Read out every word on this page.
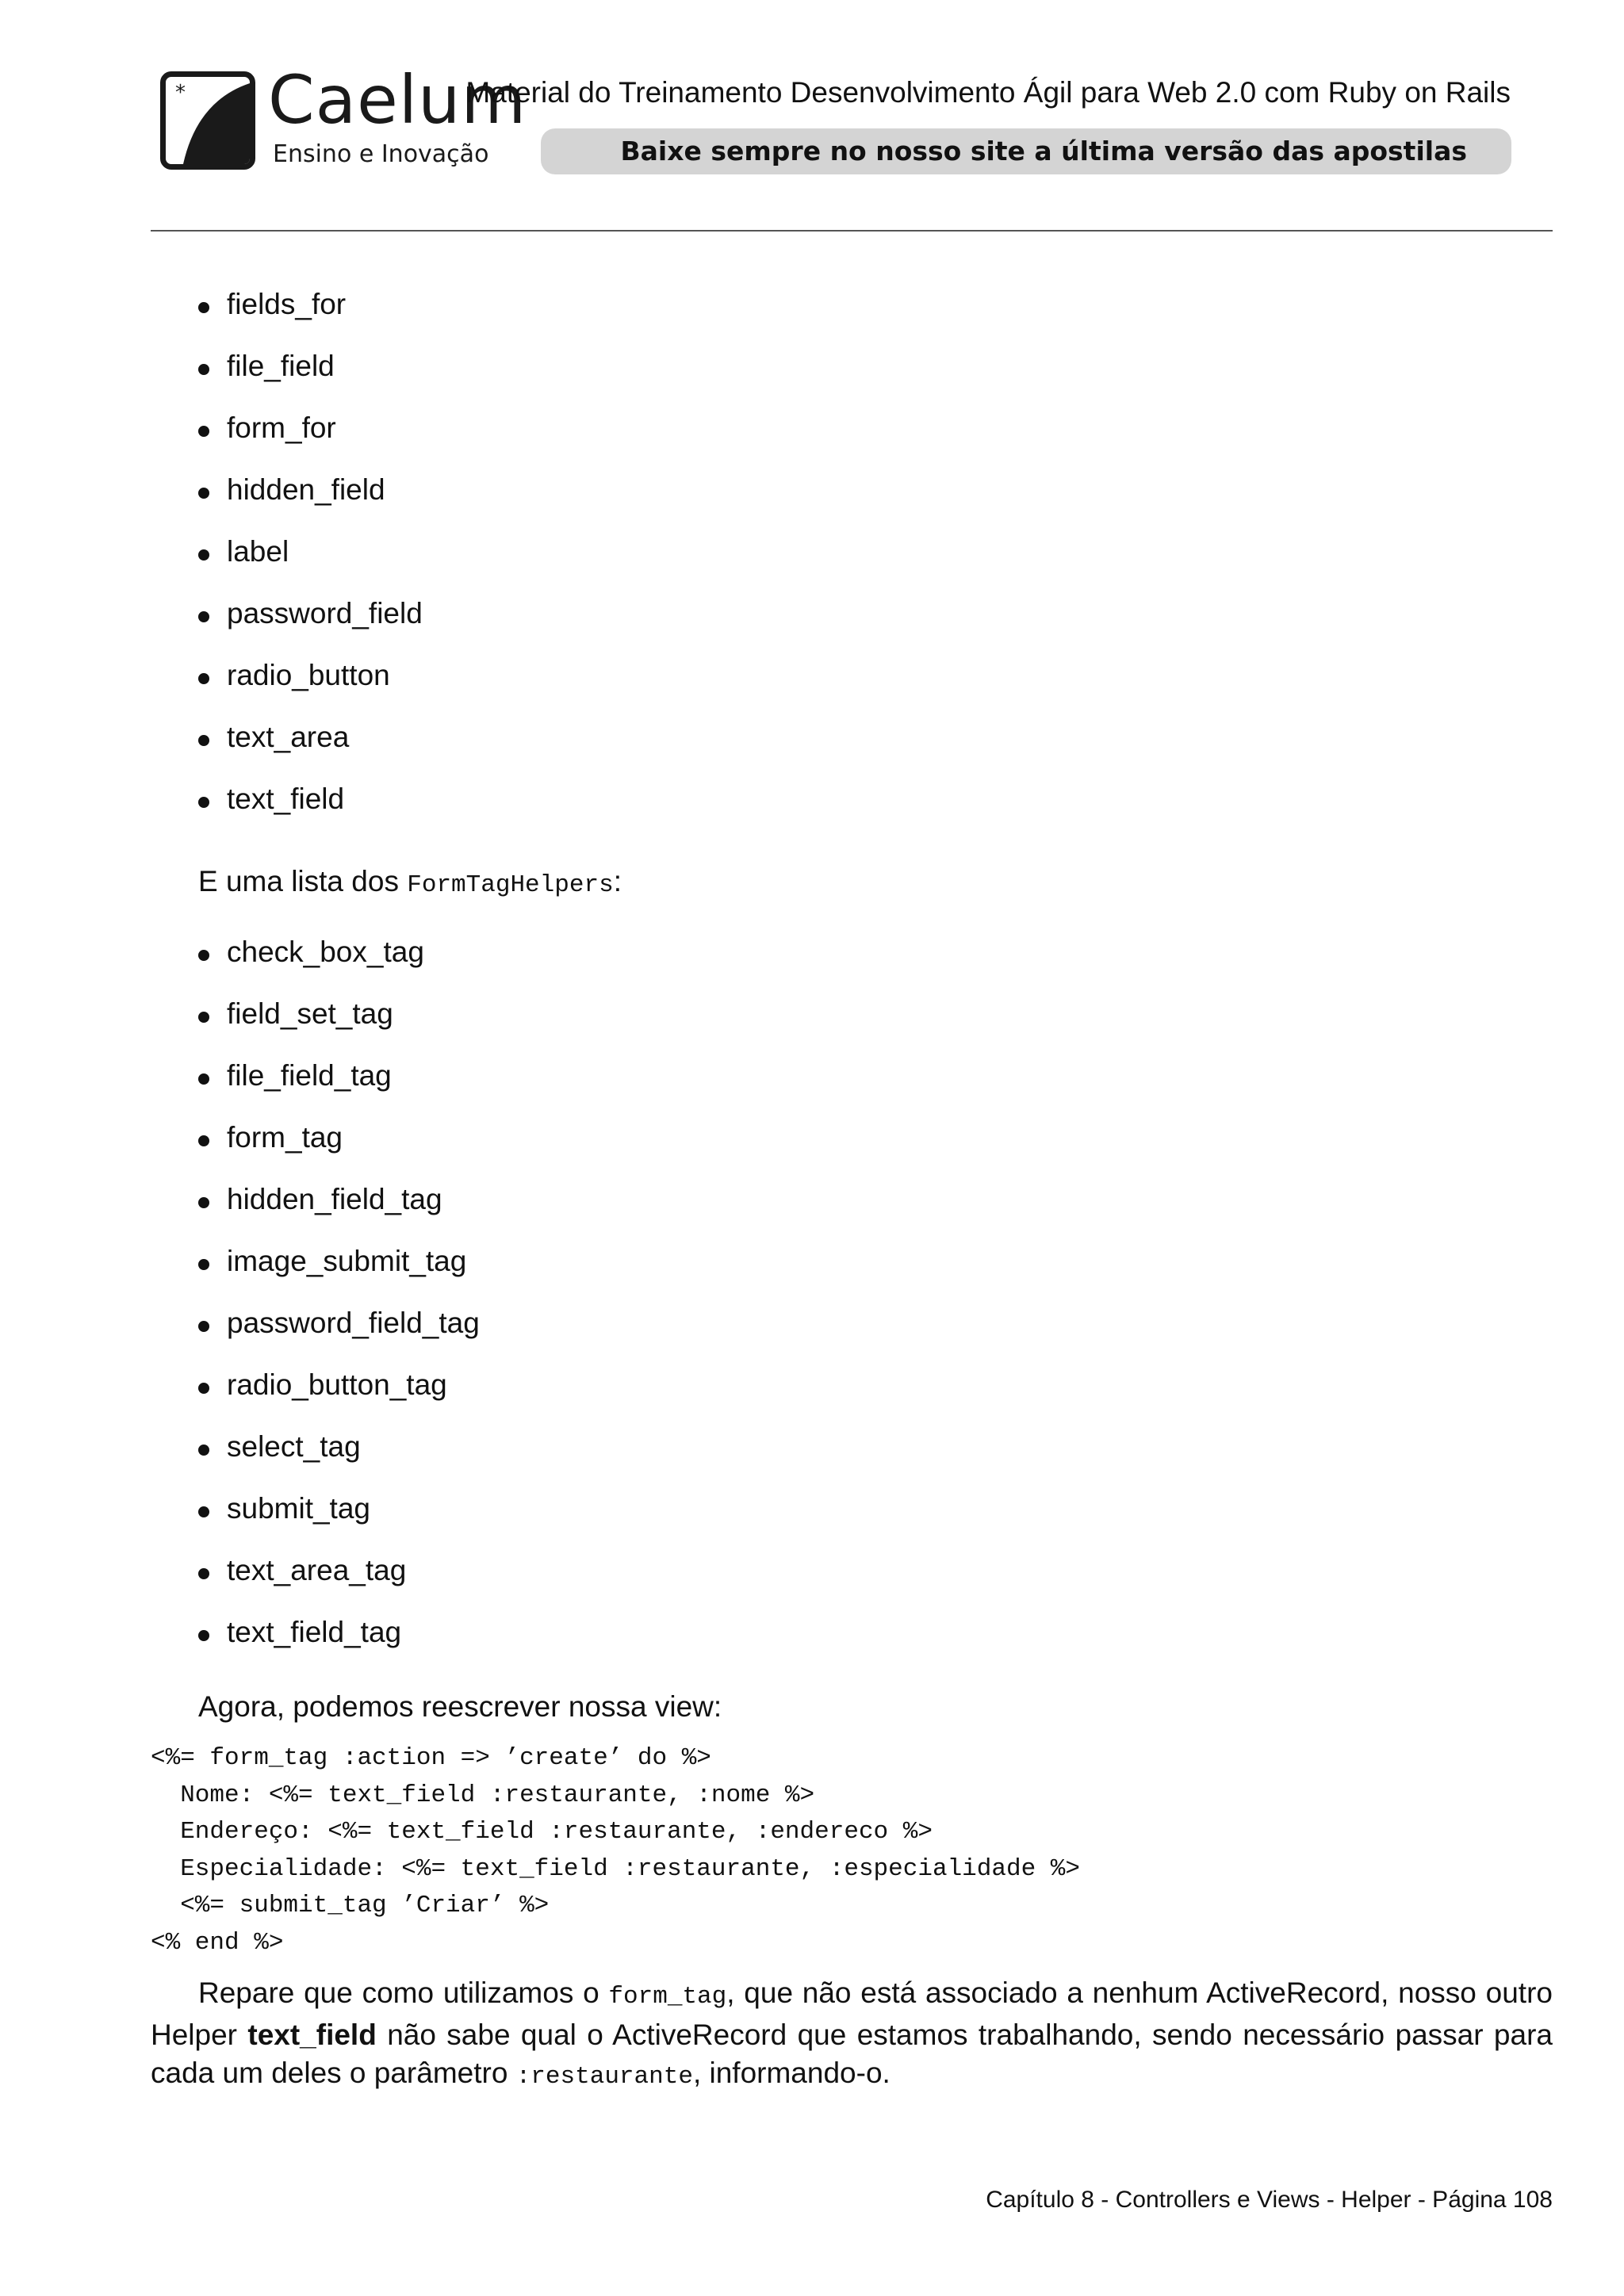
* Caelum
Ensino e Inovação
Material do Treinamento Desenvolvimento Ágil para Web 2.0 com Ruby on Rails
Baixe sempre no nosso site a última versão das apostilas
fields_for
file_field
form_for
hidden_field
label
password_field
radio_button
text_area
text_field
E uma lista dos FormTagHelpers:
check_box_tag
field_set_tag
file_field_tag
form_tag
hidden_field_tag
image_submit_tag
password_field_tag
radio_button_tag
select_tag
submit_tag
text_area_tag
text_field_tag
Agora, podemos reescrever nossa view:
<%= form_tag :action => ’create’ do %>
Nome: <%= text_field :restaurante, :nome %>
Endereço: <%= text_field :restaurante, :endereco %>
Especialidade: <%= text_field :restaurante, :especialidade %>
<%= submit_tag ’Criar’ %>
<% end %>
Repare que como utilizamos o form_tag, que não está associado a nenhum ActiveRecord, nosso outro Helper text_field não sabe qual o ActiveRecord que estamos trabalhando, sendo necessário passar para cada um deles o parâmetro :restaurante, informando-o.
Capítulo 8 - Controllers e Views - Helper - Página 108
